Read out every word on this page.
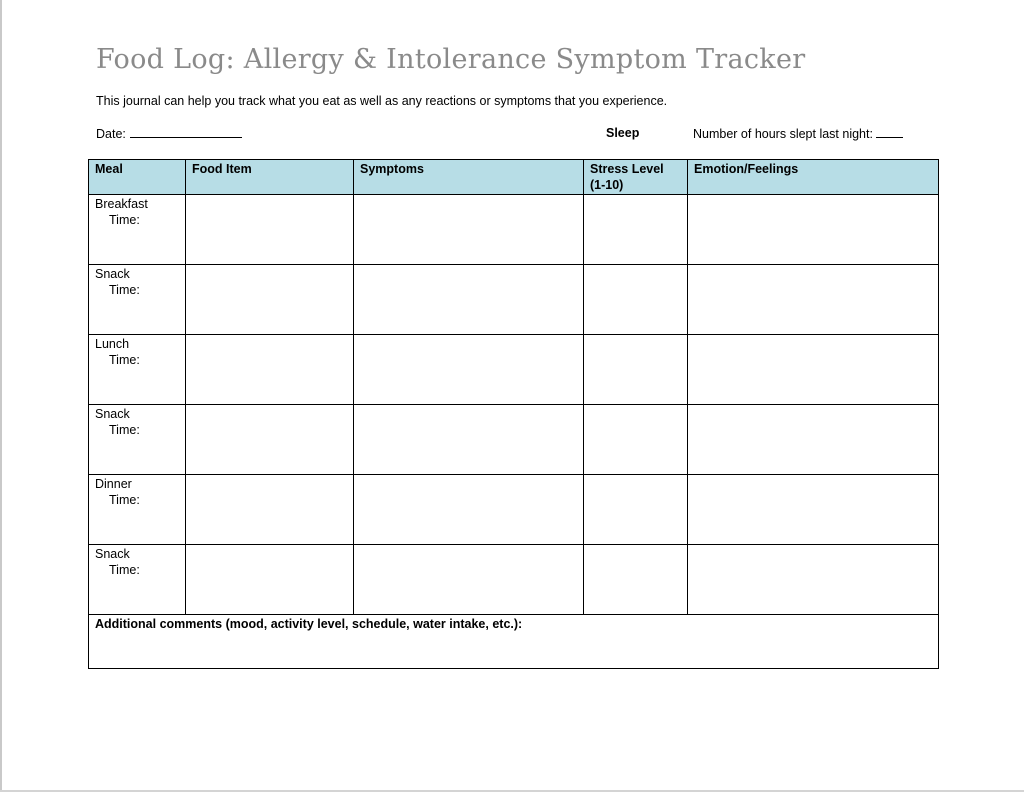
Food Log: Allergy & Intolerance Symptom Tracker
This journal can help you track what you eat as well as any reactions or symptoms that you experience.
Date:	Sleep	Number of hours slept last night:
Meal	Food Item	Symptoms	Stress Level (1-10)	Emotion/Feelings

Breakfast
Time:				

Snack
Time:				

Lunch
Time:				

Snack
Time:				

Dinner
Time:				

Snack
Time:				

Additional comments (mood, activity level, schedule, water intake, etc.):				
